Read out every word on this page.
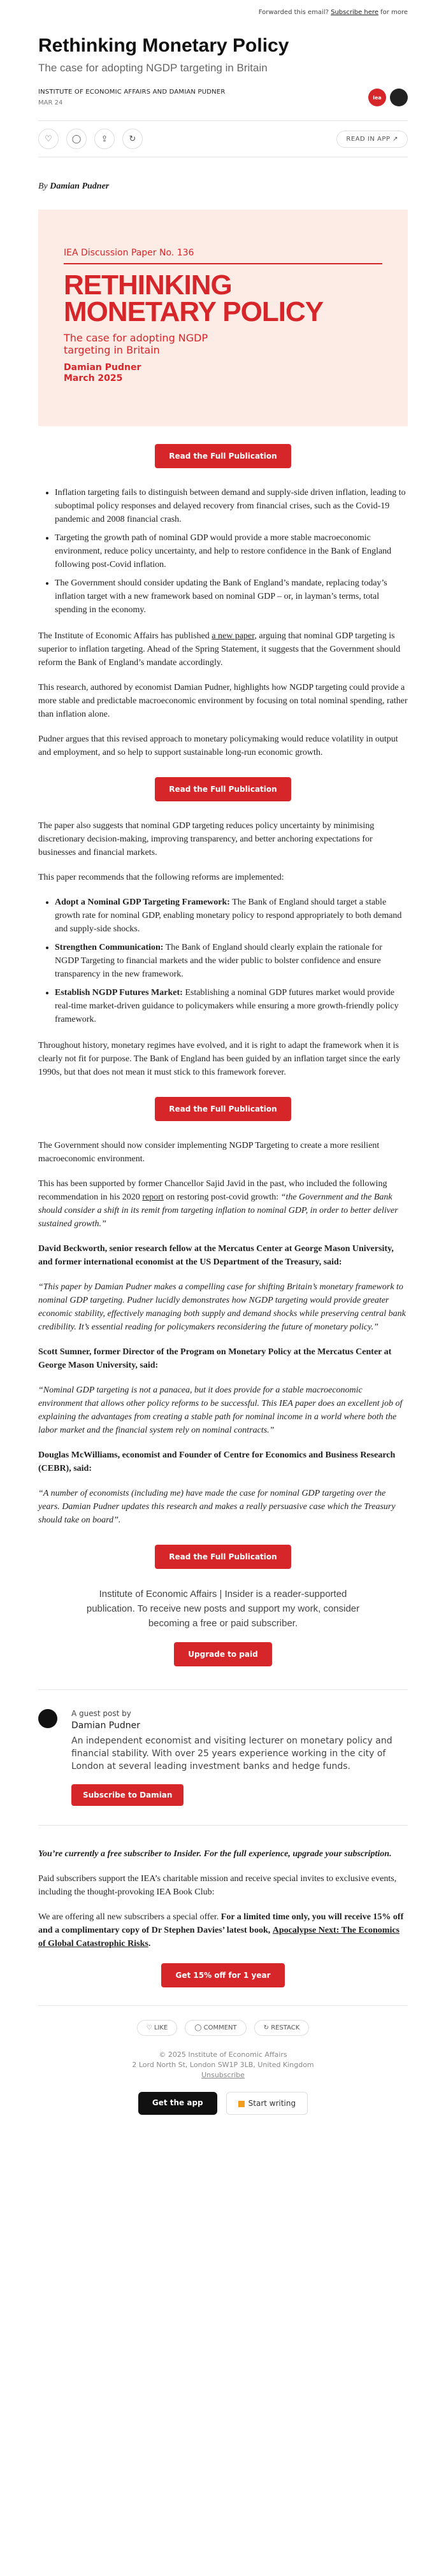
Forwarded this email? Subscribe here for more
Rethinking Monetary Policy
The case for adopting NGDP targeting in Britain
INSTITUTE OF ECONOMIC AFFAIRS AND DAMIAN PUDNER
MAR 24
iea
♡	◯	⇪	↻	READ IN APP ↗
By Damian Pudner
IEA Discussion Paper No. 136
RETHINKING
MONETARY POLICY
The case for adopting NGDP targeting in Britain
Damian Pudner
March 2025
Read the Full Publication
• Inflation targeting fails to distinguish between demand and supply-side driven inflation, leading to suboptimal policy responses and delayed recovery from financial crises, such as the Covid-19 pandemic and 2008 financial crash.
• Targeting the growth path of nominal GDP would provide a more stable macroeconomic environment, reduce policy uncertainty, and help to restore confidence in the Bank of England following post-Covid inflation.
• The Government should consider updating the Bank of England’s mandate, replacing today’s inflation target with a new framework based on nominal GDP – or, in layman’s terms, total spending in the economy.

The Institute of Economic Affairs has published a new paper, arguing that nominal GDP targeting is superior to inflation targeting. Ahead of the Spring Statement, it suggests that the Government should reform the Bank of England’s mandate accordingly.

This research, authored by economist Damian Pudner, highlights how NGDP targeting could provide a more stable and predictable macroeconomic environment by focusing on total nominal spending, rather than inflation alone.

Pudner argues that this revised approach to monetary policymaking would reduce volatility in output and employment, and so help to support sustainable long-run economic growth.

Read the Full Publication

The paper also suggests that nominal GDP targeting reduces policy uncertainty by minimising discretionary decision-making, improving transparency, and better anchoring expectations for businesses and financial markets.

This paper recommends that the following reforms are implemented:

• Adopt a Nominal GDP Targeting Framework: The Bank of England should target a stable growth rate for nominal GDP, enabling monetary policy to respond appropriately to both demand and supply-side shocks.
• Strengthen Communication: The Bank of England should clearly explain the rationale for NGDP Targeting to financial markets and the wider public to bolster confidence and ensure transparency in the new framework.
• Establish NGDP Futures Market: Establishing a nominal GDP futures market would provide real-time market-driven guidance to policymakers while ensuring a more growth-friendly policy framework.

Throughout history, monetary regimes have evolved, and it is right to adapt the framework when it is clearly not fit for purpose. The Bank of England has been guided by an inflation target since the early 1990s, but that does not mean it must stick to this framework forever.

Read the Full Publication

The Government should now consider implementing NGDP Targeting to create a more resilient macroeconomic environment.

This has been supported by former Chancellor Sajid Javid in the past, who included the following recommendation in his 2020 report on restoring post-covid growth: “the Government and the Bank should consider a shift in its remit from targeting inflation to nominal GDP, in order to better deliver sustained growth.”

David Beckworth, senior research fellow at the Mercatus Center at George Mason University, and former international economist at the US Department of the Treasury, said:

“This paper by Damian Pudner makes a compelling case for shifting Britain’s monetary framework to nominal GDP targeting. Pudner lucidly demonstrates how NGDP targeting would provide greater economic stability, effectively managing both supply and demand shocks while preserving central bank credibility. It’s essential reading for policymakers reconsidering the future of monetary policy.”

Scott Sumner, former Director of the Program on Monetary Policy at the Mercatus Center at George Mason University, said:

“Nominal GDP targeting is not a panacea, but it does provide for a stable macroeconomic environment that allows other policy reforms to be successful. This IEA paper does an excellent job of explaining the advantages from creating a stable path for nominal income in a world where both the labor market and the financial system rely on nominal contracts.”

Douglas McWilliams, economist and Founder of Centre for Economics and Business Research (CEBR), said:

“A number of economists (including me) have made the case for nominal GDP targeting over the years. Damian Pudner updates this research and makes a really persuasive case which the Treasury should take on board”.

Read the Full Publication
Institute of Economic Affairs | Insider is a reader-supported publication. To receive new posts and support my work, consider becoming a free or paid subscriber.
Upgrade to paid
A guest post by
Damian Pudner
An independent economist and visiting lecturer on monetary policy and financial stability. With over 25 years experience working in the city of London at several leading investment banks and hedge funds.
Subscribe to Damian

You’re currently a free subscriber to Insider. For the full experience, upgrade your subscription.

Paid subscribers support the IEA’s charitable mission and receive special invites to exclusive events, including the thought-provoking IEA Book Club:

We are offering all new subscribers a special offer. For a limited time only, you will receive 15% off and a complimentary copy of Dr Stephen Davies’ latest book, Apocalypse Next: The Economics of Global Catastrophic Risks.

Get 15% off for 1 year
♡ LIKE	◯ COMMENT	↻ RESTACK
© 2025 Institute of Economic Affairs
2 Lord North St, London SW1P 3LB, United Kingdom
Unsubscribe
Get the app	Start writing
